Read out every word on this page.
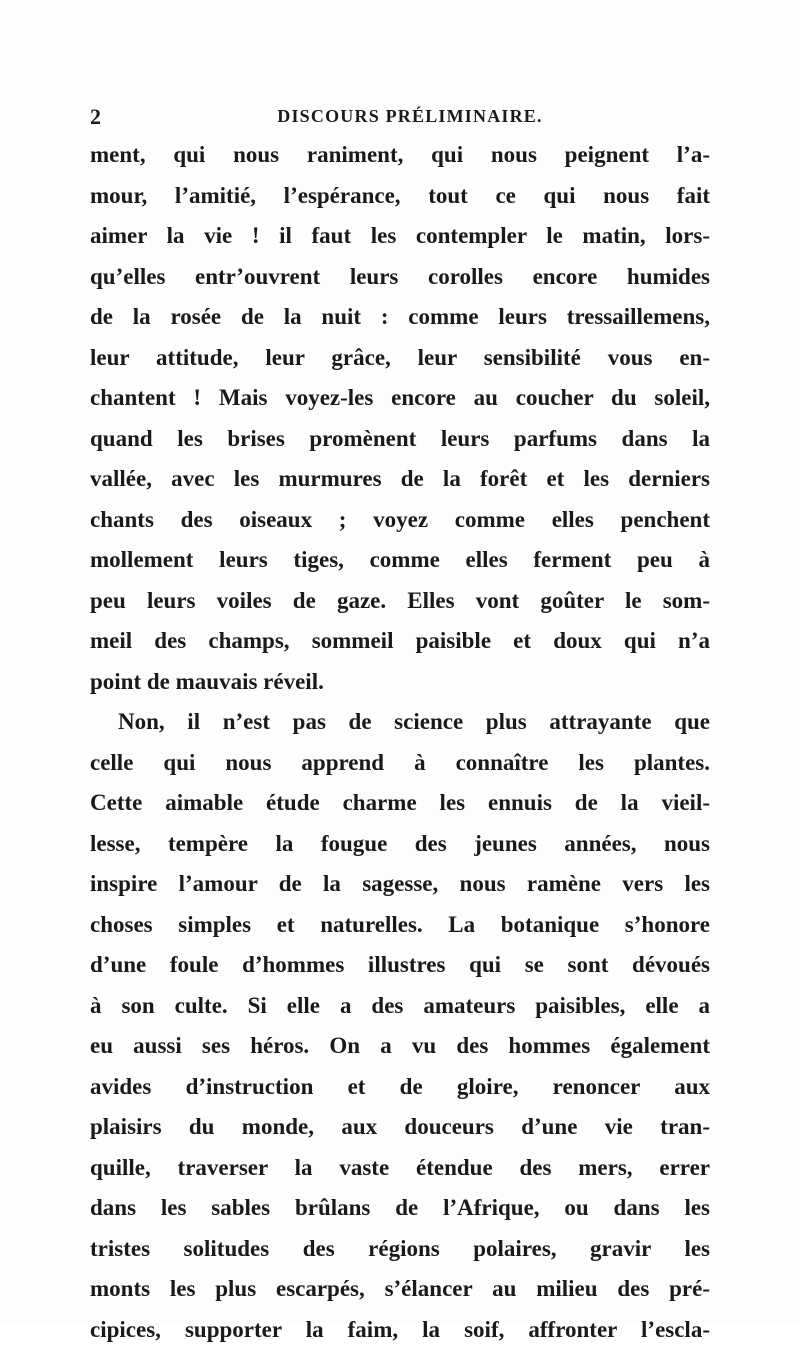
2	DISCOURS PRÉLIMINAIRE.
ment, qui nous raniment, qui nous peignent l’a-
mour, l’amitié, l’espérance, tout ce qui nous fait
aimer la vie ! il faut les contempler le matin, lors-
qu’elles entr’ouvrent leurs corolles encore humides
de la rosée de la nuit : comme leurs tressaillemens,
leur attitude, leur grâce, leur sensibilité vous en-
chantent ! Mais voyez-les encore au coucher du soleil,
quand les brises promènent leurs parfums dans la
vallée, avec les murmures de la forêt et les derniers
chants des oiseaux ; voyez comme elles penchent
mollement leurs tiges, comme elles ferment peu à
peu leurs voiles de gaze. Elles vont goûter le som-
meil des champs, sommeil paisible et doux qui n’a
point de mauvais réveil.
Non, il n’est pas de science plus attrayante que
celle qui nous apprend à connaître les plantes.
Cette aimable étude charme les ennuis de la vieil-
lesse, tempère la fougue des jeunes années, nous
inspire l’amour de la sagesse, nous ramène vers les
choses simples et naturelles. La botanique s’honore
d’une foule d’hommes illustres qui se sont dévoués
à son culte. Si elle a des amateurs paisibles, elle a
eu aussi ses héros. On a vu des hommes également
avides d’instruction et de gloire, renoncer aux
plaisirs du monde, aux douceurs d’une vie tran-
quille, traverser la vaste étendue des mers, errer
dans les sables brûlans de l’Afrique, ou dans les
tristes solitudes des régions polaires, gravir les
monts les plus escarpés, s’élancer au milieu des pré-
cipices, supporter la faim, la soif, affronter l’escla-
